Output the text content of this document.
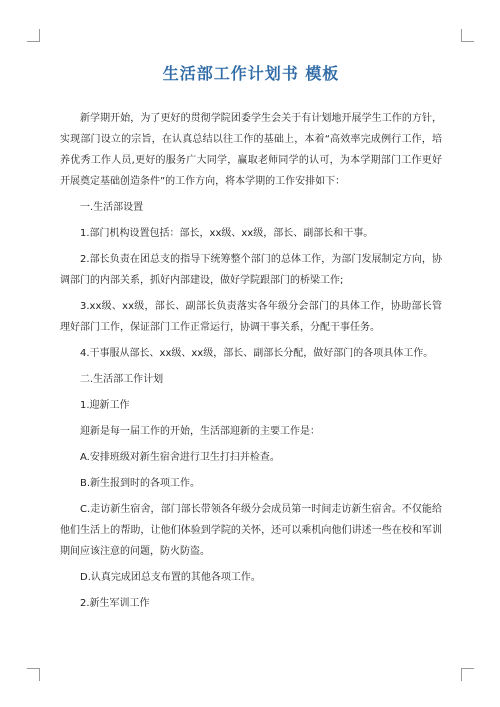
生活部工作计划书 模板

新学期开始，为了更好的贯彻学院团委学生会关于有计划地开展学生工作的方针，实现部门设立的宗旨，在认真总结以往工作的基础上，本着“高效率完成例行工作，培养优秀工作人员,更好的服务广大同学，赢取老师同学的认可，为本学期部门工作更好开展奠定基础创造条件”的工作方向，将本学期的工作安排如下：

一.生活部设置

1.部门机构设置包括：部长，xx级、xx级，部长、副部长和干事。

2.部长负责在团总支的指导下统筹整个部门的总体工作，为部门发展制定方向，协调部门的内部关系，抓好内部建设，做好学院跟部门的桥梁工作;

3.xx级、xx级，部长、副部长负责落实各年级分会部门的具体工作，协助部长管理好部门工作，保证部门工作正常运行，协调干事关系，分配干事任务。

4.干事服从部长、xx级、xx级，部长、副部长分配，做好部门的各项具体工作。

二.生活部工作计划

1.迎新工作

迎新是每一届工作的开始，生活部迎新的主要工作是：

A.安排班级对新生宿舍进行卫生打扫并检查。

B.新生报到时的各项工作。

C.走访新生宿舍，部门部长带领各年级分会成员第一时间走访新生宿舍。不仅能给他们生活上的帮助，让他们体验到学院的关怀，还可以乘机向他们讲述一些在校和军训期间应该注意的问题，防火防盗。

D.认真完成团总支布置的其他各项工作。

2.新生军训工作
